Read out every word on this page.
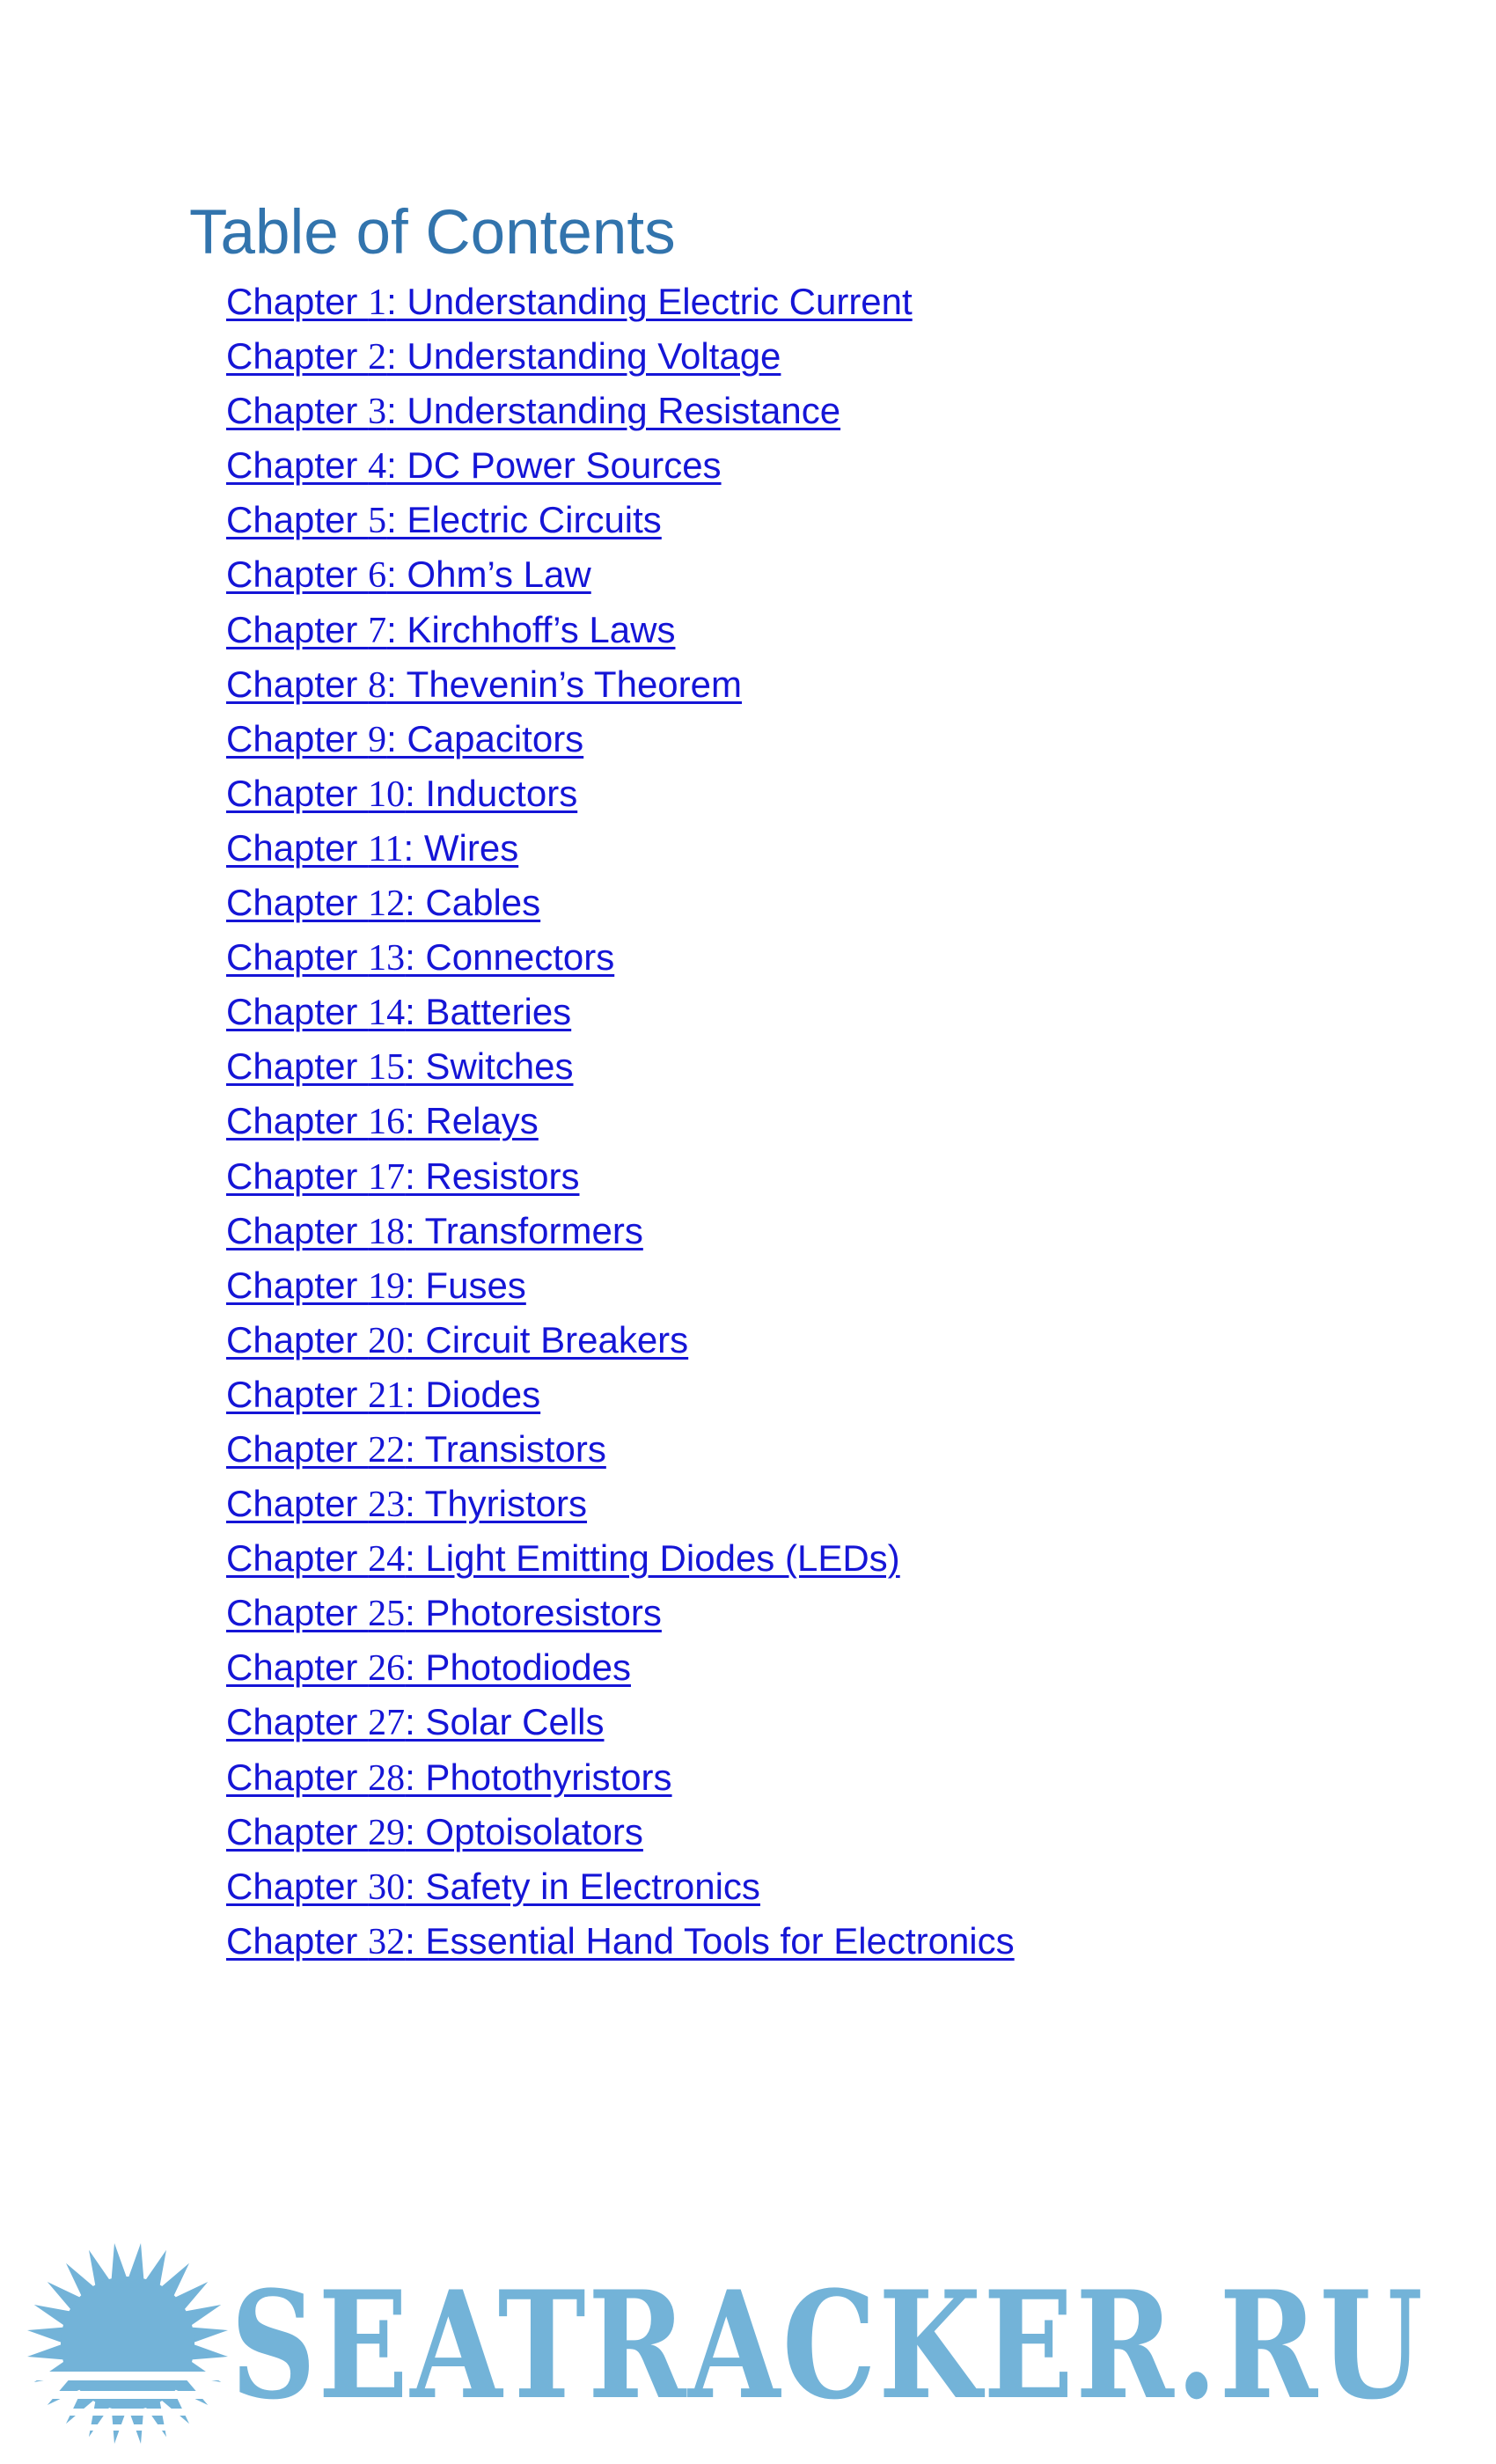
Table of Contents
Chapter 1: Understanding Electric Current
Chapter 2: Understanding Voltage
Chapter 3: Understanding Resistance
Chapter 4: DC Power Sources
Chapter 5: Electric Circuits
Chapter 6: Ohm’s Law
Chapter 7: Kirchhoff’s Laws
Chapter 8: Thevenin’s Theorem
Chapter 9: Capacitors
Chapter 10: Inductors
Chapter 11: Wires
Chapter 12: Cables
Chapter 13: Connectors
Chapter 14: Batteries
Chapter 15: Switches
Chapter 16: Relays
Chapter 17: Resistors
Chapter 18: Transformers
Chapter 19: Fuses
Chapter 20: Circuit Breakers
Chapter 21: Diodes
Chapter 22: Transistors
Chapter 23: Thyristors
Chapter 24: Light Emitting Diodes (LEDs)
Chapter 25: Photoresistors
Chapter 26: Photodiodes
Chapter 27: Solar Cells
Chapter 28: Photothyristors
Chapter 29: Optoisolators
Chapter 30: Safety in Electronics
Chapter 32: Essential Hand Tools for Electronics
SEATRACKER.RU
